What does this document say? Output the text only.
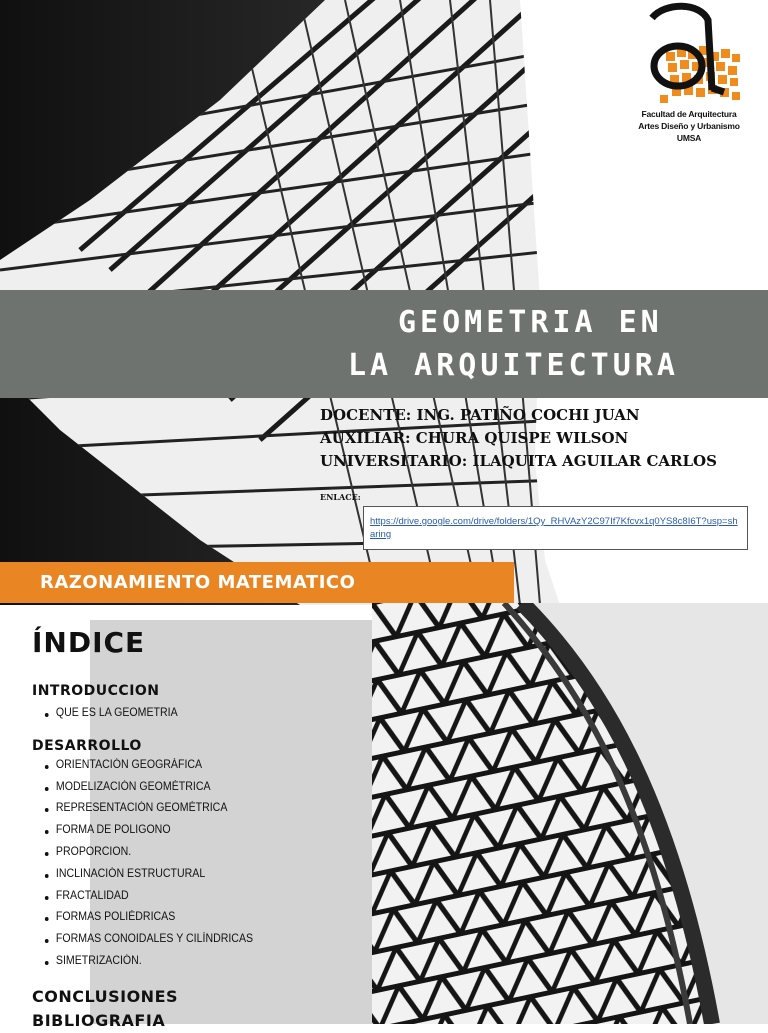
Facultad de Arquitectura
Artes Diseño y Urbanismo
UMSA
GEOMETRIA EN
LA ARQUITECTURA
DOCENTE: ING. PATIÑO COCHI JUAN
AUXILIAR: CHURA QUISPE WILSON
UNIVERSITARIO: ILAQUITA AGUILAR CARLOS
ENLACE:
https://drive.google.com/drive/folders/1Qy_RHVAzY2C97If7Kfcvx1q0YS8c8I6T?usp=sharing
RAZONAMIENTO MATEMATICO
ÍNDICE
INTRODUCCION
QUE ES LA GEOMETRIA
DESARROLLO
ORIENTACIÓN GEOGRÁFICA
MODELIZACIÓN GEOMÉTRICA
REPRESENTACIÓN GEOMÉTRICA
FORMA DE POLIGONO
PROPORCION.
INCLINACIÓN ESTRUCTURAL
FRACTALIDAD
FORMAS POLIÉDRICAS
FORMAS CONOIDALES Y CILÍNDRICAS
SIMETRIZACIÓN.
CONCLUSIONES
BIBLIOGRAFIA
